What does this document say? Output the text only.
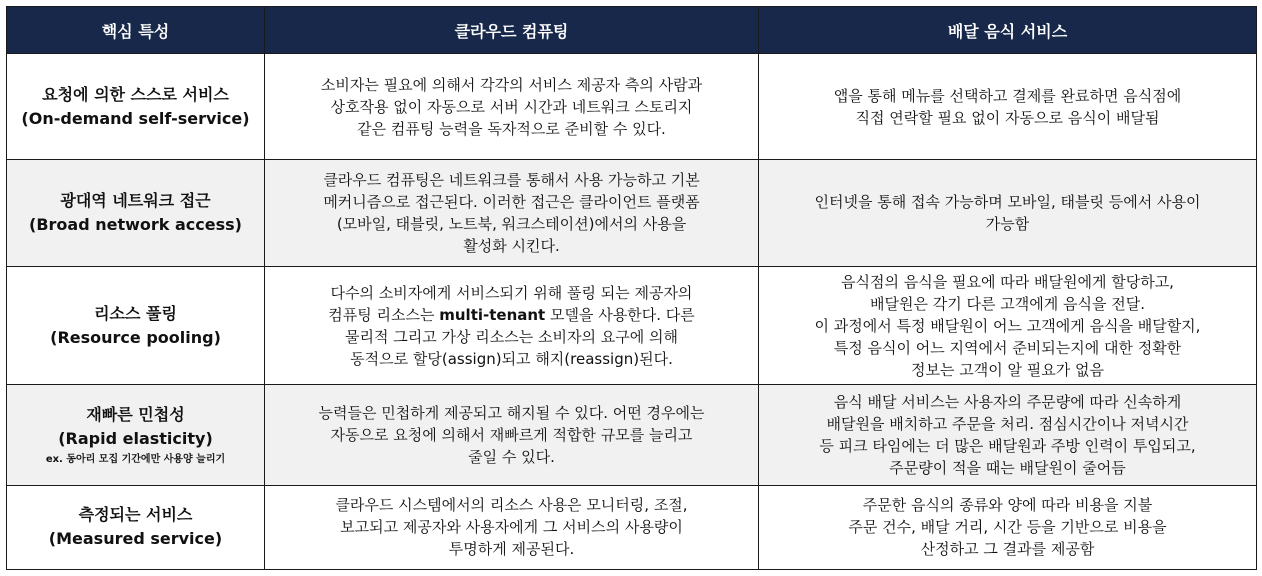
핵심 특성	클라우드 컴퓨팅	배달 음식 서비스

요청에 의한 스스로 서비스
(On-demand self-service)	소비자는 필요에 의해서 각각의 서비스 제공자 측의 사람과
상호작용 없이 자동으로 서버 시간과 네트워크 스토리지
같은 컴퓨팅 능력을 독자적으로 준비할 수 있다.	앱을 통해 메뉴를 선택하고 결제를 완료하면 음식점에
직접 연락할 필요 없이 자동으로 음식이 배달됨

광대역 네트워크 접근
(Broad network access)	클라우드 컴퓨팅은 네트워크를 통해서 사용 가능하고 기본
메커니즘으로 접근된다. 이러한 접근은 클라이언트 플랫폼
(모바일, 태블릿, 노트북, 워크스테이션)에서의 사용을
활성화 시킨다.	인터넷을 통해 접속 가능하며 모바일, 태블릿 등에서 사용이
가능함

리소스 풀링
(Resource pooling)	다수의 소비자에게 서비스되기 위해 풀링 되는 제공자의
컴퓨팅 리소스는 multi-tenant 모델을 사용한다. 다른
물리적 그리고 가상 리소스는 소비자의 요구에 의해
동적으로 할당(assign)되고 해지(reassign)된다.	음식점의 음식을 필요에 따라 배달원에게 할당하고,
배달원은 각기 다른 고객에게 음식을 전달.
이 과정에서 특정 배달원이 어느 고객에게 음식을 배달할지,
특정 음식이 어느 지역에서 준비되는지에 대한 정확한
정보는 고객이 알 필요가 없음

재빠른 민첩성
(Rapid elasticity)
ex. 동아리 모집 기간에만 사용양 늘리기	능력들은 민첩하게 제공되고 해지될 수 있다. 어떤 경우에는
자동으로 요청에 의해서 재빠르게 적합한 규모를 늘리고
줄일 수 있다.	음식 배달 서비스는 사용자의 주문량에 따라 신속하게
배달원을 배치하고 주문을 처리. 점심시간이나 저녁시간
등 피크 타임에는 더 많은 배달원과 주방 인력이 투입되고,
주문량이 적을 때는 배달원이 줄어듬

측정되는 서비스
(Measured service)	클라우드 시스템에서의 리소스 사용은 모니터링, 조절,
보고되고 제공자와 사용자에게 그 서비스의 사용량이
투명하게 제공된다.	주문한 음식의 종류와 양에 따라 비용을 지불
주문 건수, 배달 거리, 시간 등을 기반으로 비용을
산정하고 그 결과를 제공함
